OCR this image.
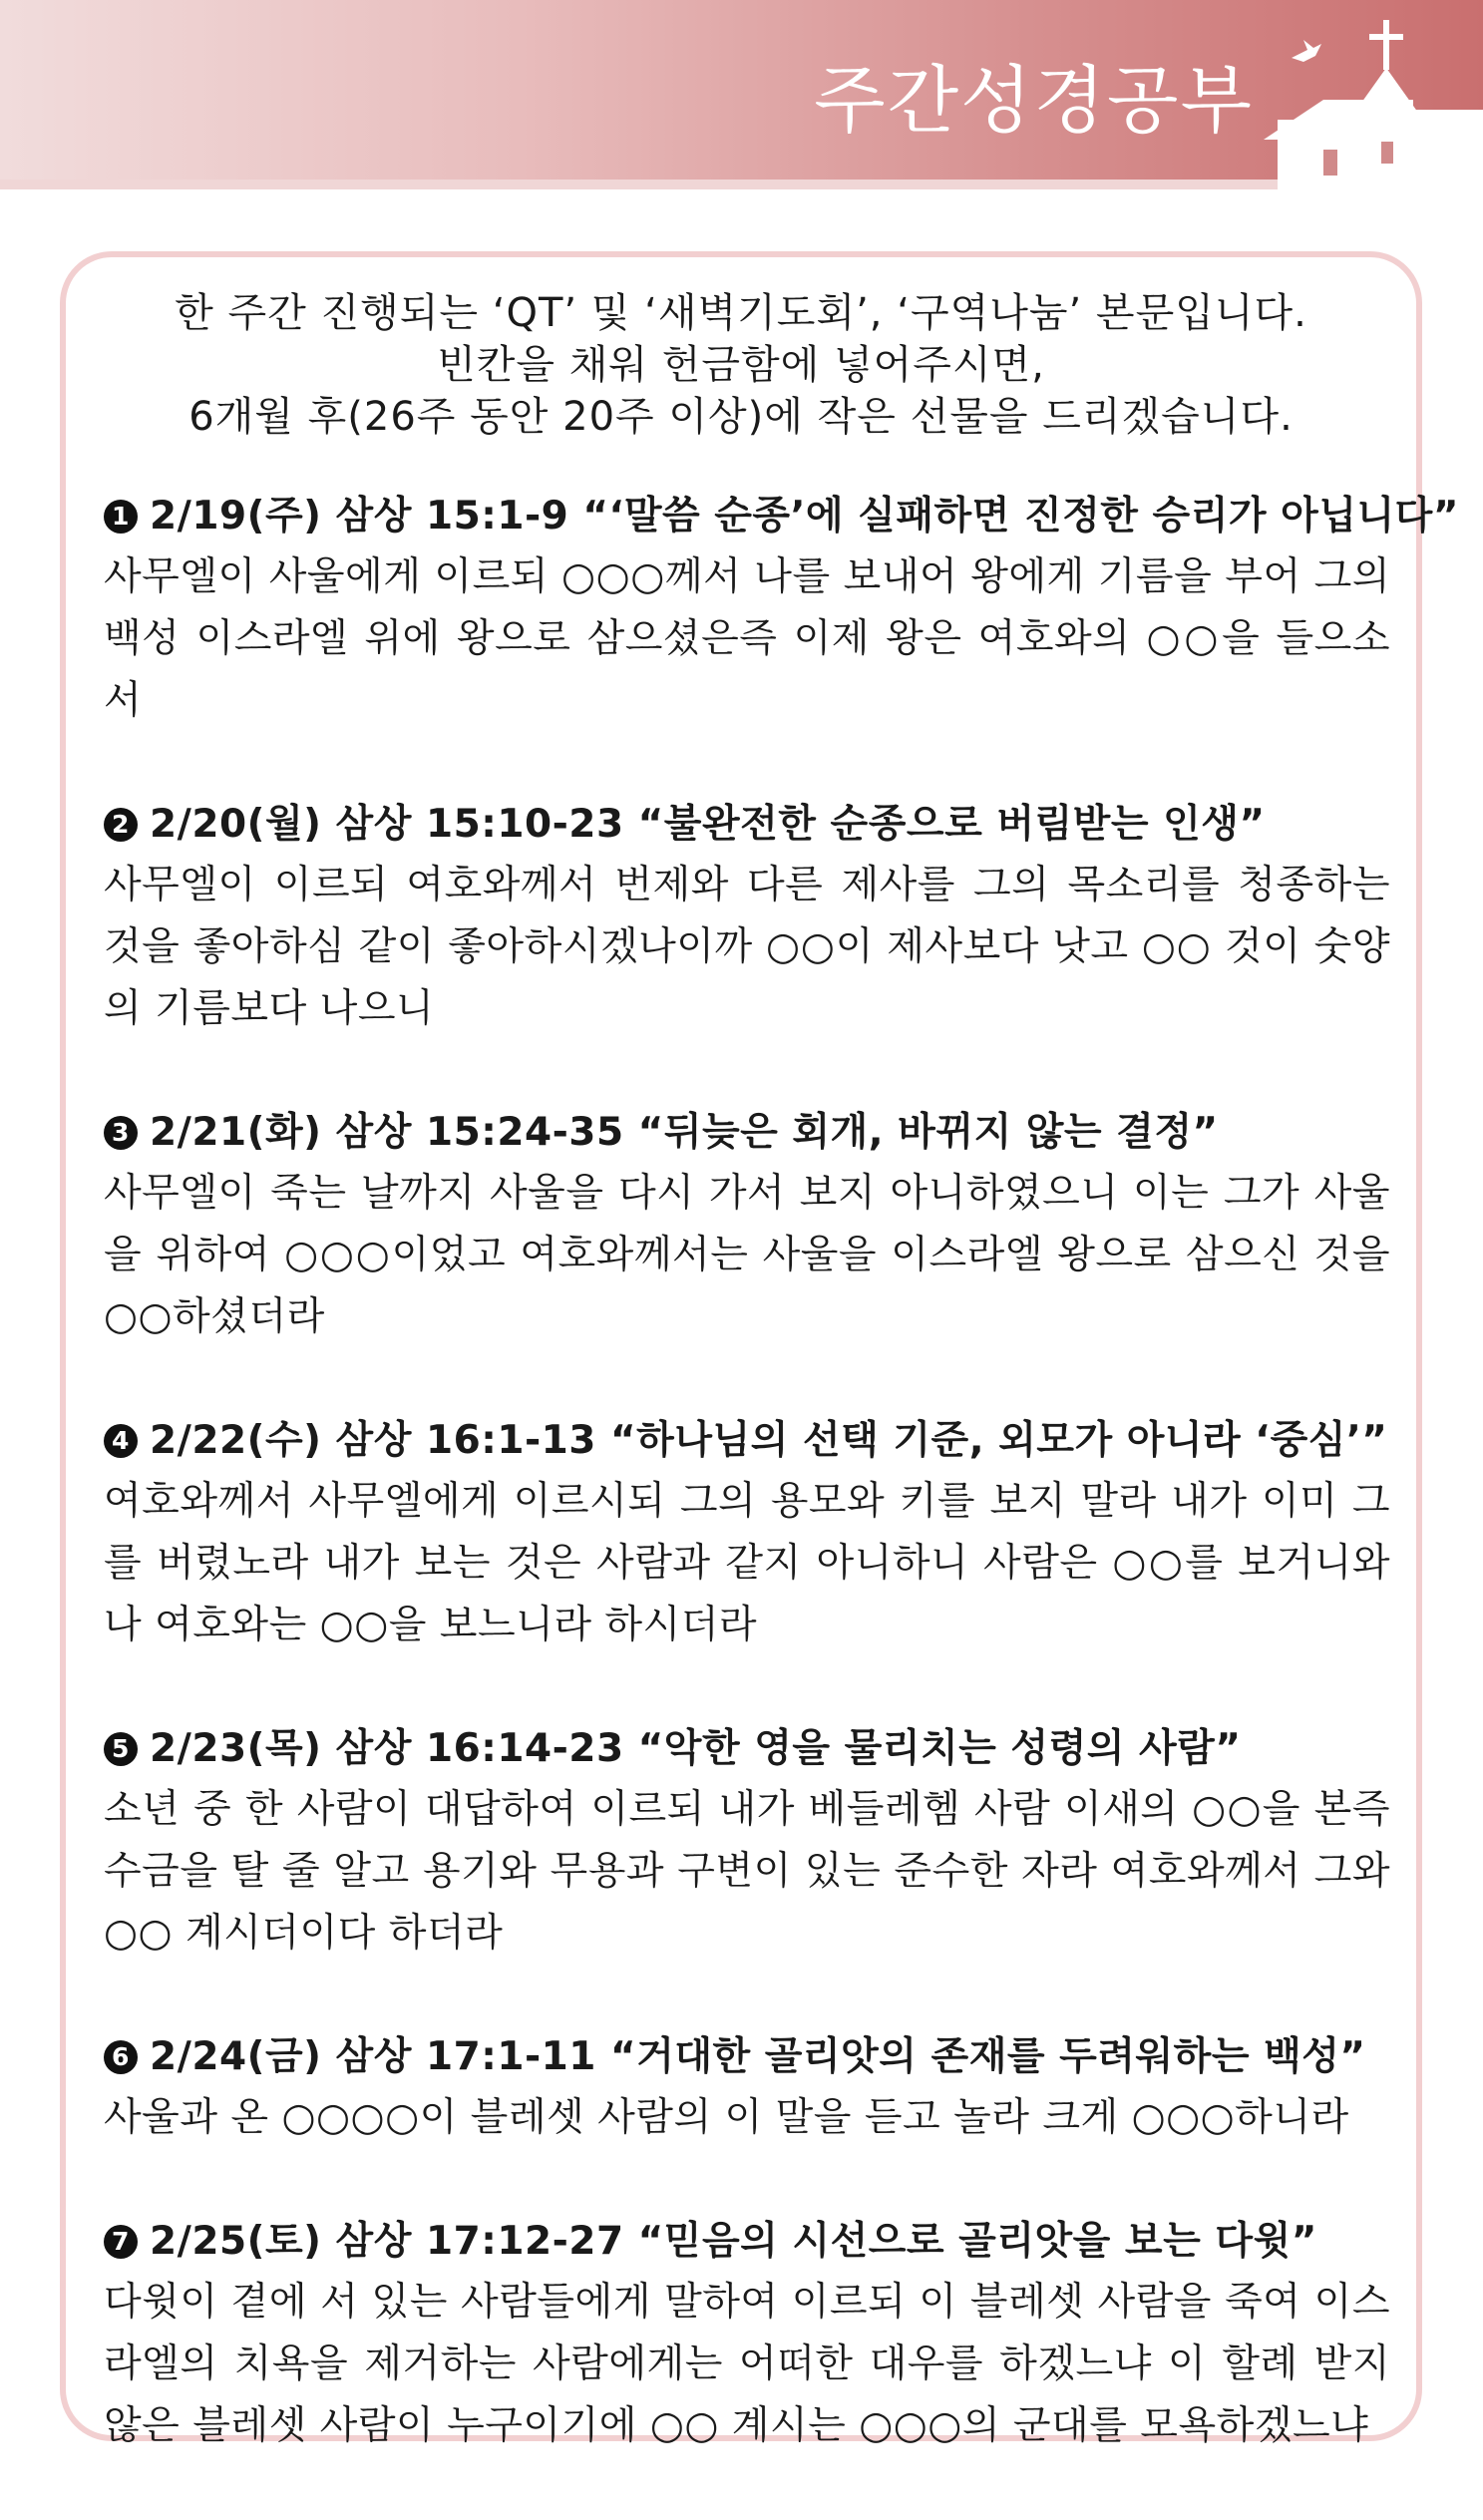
주간성경공부
한 주간 진행되는 ‘QT’ 및 ‘새벽기도회’, ‘구역나눔’ 본문입니다.
빈칸을 채워 헌금함에 넣어주시면,
6개월 후(26주 동안 20주 이상)에 작은 선물을 드리겠습니다.
1 2/19(주) 삼상 15:1-9 “‘말씀 순종’에 실패하면 진정한 승리가 아닙니다”
사무엘이 사울에게 이르되 ○○○께서 나를 보내어 왕에게 기름을 부어 그의 백성 이스라엘 위에 왕으로 삼으셨은즉 이제 왕은 여호와의 ○○을 들으소서
2 2/20(월) 삼상 15:10-23 “불완전한 순종으로 버림받는 인생”
사무엘이 이르되 여호와께서 번제와 다른 제사를 그의 목소리를 청종하는 것을 좋아하심 같이 좋아하시겠나이까 ○○이 제사보다 낫고 ○○ 것이 숫양의 기름보다 나으니
3 2/21(화) 삼상 15:24-35 “뒤늦은 회개, 바뀌지 않는 결정”
사무엘이 죽는 날까지 사울을 다시 가서 보지 아니하였으니 이는 그가 사울을 위하여 ○○○이었고 여호와께서는 사울을 이스라엘 왕으로 삼으신 것을 ○○하셨더라
4 2/22(수) 삼상 16:1-13 “하나님의 선택 기준, 외모가 아니라 ‘중심’”
여호와께서 사무엘에게 이르시되 그의 용모와 키를 보지 말라 내가 이미 그를 버렸노라 내가 보는 것은 사람과 같지 아니하니 사람은 ○○를 보거니와 나 여호와는 ○○을 보느니라 하시더라
5 2/23(목) 삼상 16:14-23 “악한 영을 물리치는 성령의 사람”
소년 중 한 사람이 대답하여 이르되 내가 베들레헴 사람 이새의 ○○을 본즉 수금을 탈 줄 알고 용기와 무용과 구변이 있는 준수한 자라 여호와께서 그와 ○○ 계시더이다 하더라
6 2/24(금) 삼상 17:1-11 “거대한 골리앗의 존재를 두려워하는 백성”
사울과 온 ○○○○이 블레셋 사람의 이 말을 듣고 놀라 크게 ○○○하니라
7 2/25(토) 삼상 17:12-27 “믿음의 시선으로 골리앗을 보는 다윗”
다윗이 곁에 서 있는 사람들에게 말하여 이르되 이 블레셋 사람을 죽여 이스라엘의 치욕을 제거하는 사람에게는 어떠한 대우를 하겠느냐 이 할례 받지 않은 블레셋 사람이 누구이기에 ○○ 계시는 ○○○의 군대를 모욕하겠느냐
